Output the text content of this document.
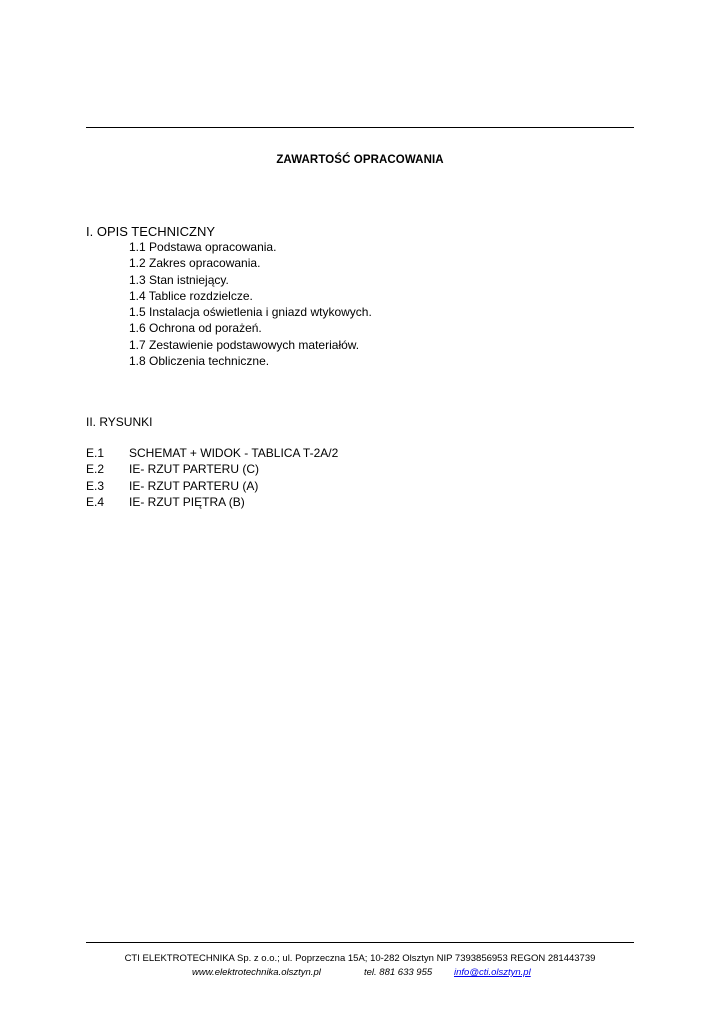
ZAWARTOŚĆ OPRACOWANIA
I. OPIS TECHNICZNY
1.1 Podstawa opracowania.
1.2 Zakres opracowania.
1.3 Stan istniejący.
1.4 Tablice rozdzielcze.
1.5 Instalacja oświetlenia i gniazd wtykowych.
1.6 Ochrona od porażeń.
1.7 Zestawienie podstawowych materiałów.
1.8 Obliczenia techniczne.
II. RYSUNKI
E.1 SCHEMAT + WIDOK - TABLICA T-2A/2
E.2 IE- RZUT PARTERU (C)
E.3 IE- RZUT PARTERU (A)
E.4 IE- RZUT PIĘTRA (B)
CTI ELEKTROTECHNIKA Sp. z o.o.; ul. Poprzeczna 15A; 10-282 Olsztyn NIP 7393856953 REGON 281443739
www.elektrotechnika.olsztyn.pl	tel. 881 633 955 info@cti.olsztyn.pl
